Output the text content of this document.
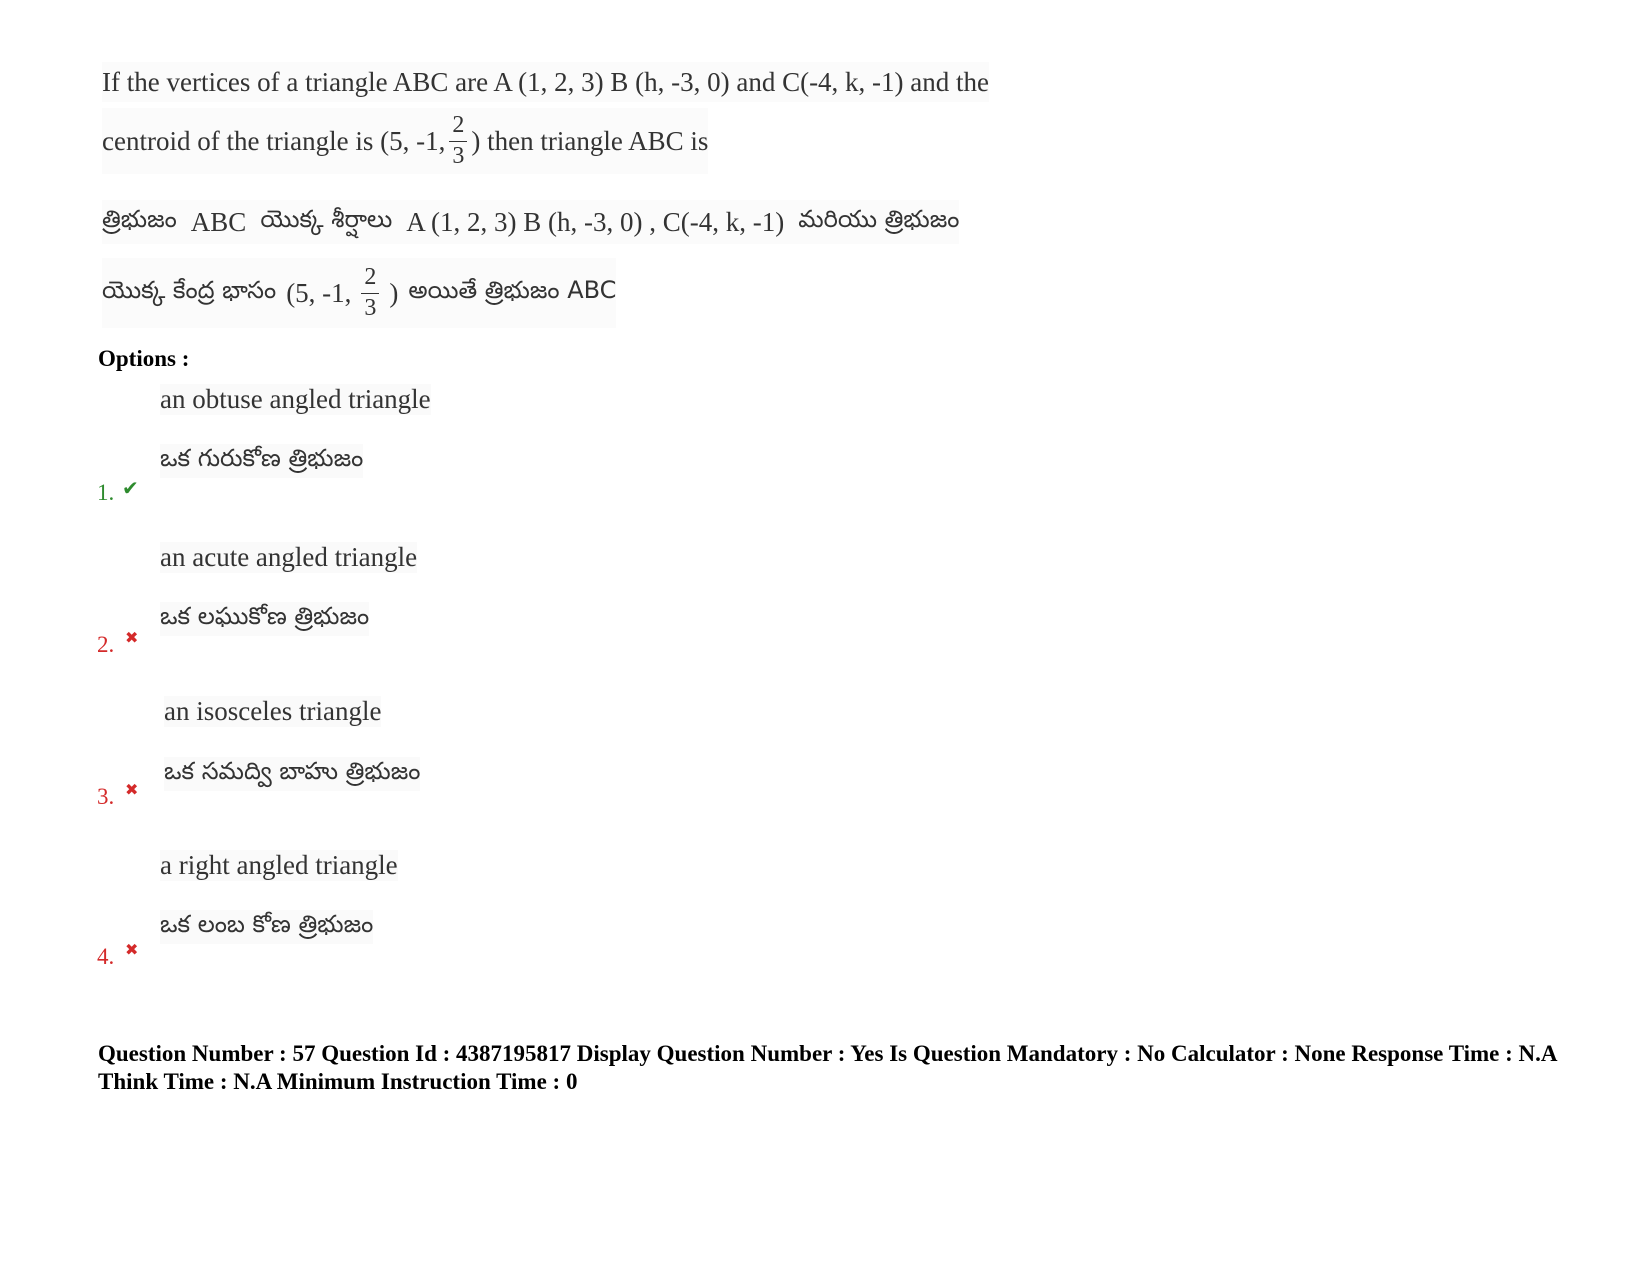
If the vertices of a triangle ABC are A (1, 2, 3) B (h, -3, 0) and C(-4, k, -1) and the
centroid of the triangle is (5, -1, $\frac{2}{3}$ ) then triangle ABC is
త్రిభుజం ABC యొక్క శీర్షాలు A (1, 2, 3) B (h, -3, 0) , C(-4, k, -1) మరియు త్రిభుజం
యొక్క కేంద్ర భాసం (5, -1, $\frac{2}{3}$ ) అయితే త్రిభుజం ABC
Options :
an obtuse angled triangle
ఒక గురుకోణ త్రిభుజం
1. ✔
an acute angled triangle
ఒక లఘుకోణ త్రిభుజం
2. ✖
an isosceles triangle
ఒక సమద్వి బాహు త్రిభుజం
3. ✖
a right angled triangle
ఒక లంబ కోణ త్రిభుజం
4. ✖
Question Number : 57 Question Id : 4387195817 Display Question Number : Yes Is Question Mandatory : No Calculator : None Response Time : N.A Think Time : N.A Minimum Instruction Time : 0
